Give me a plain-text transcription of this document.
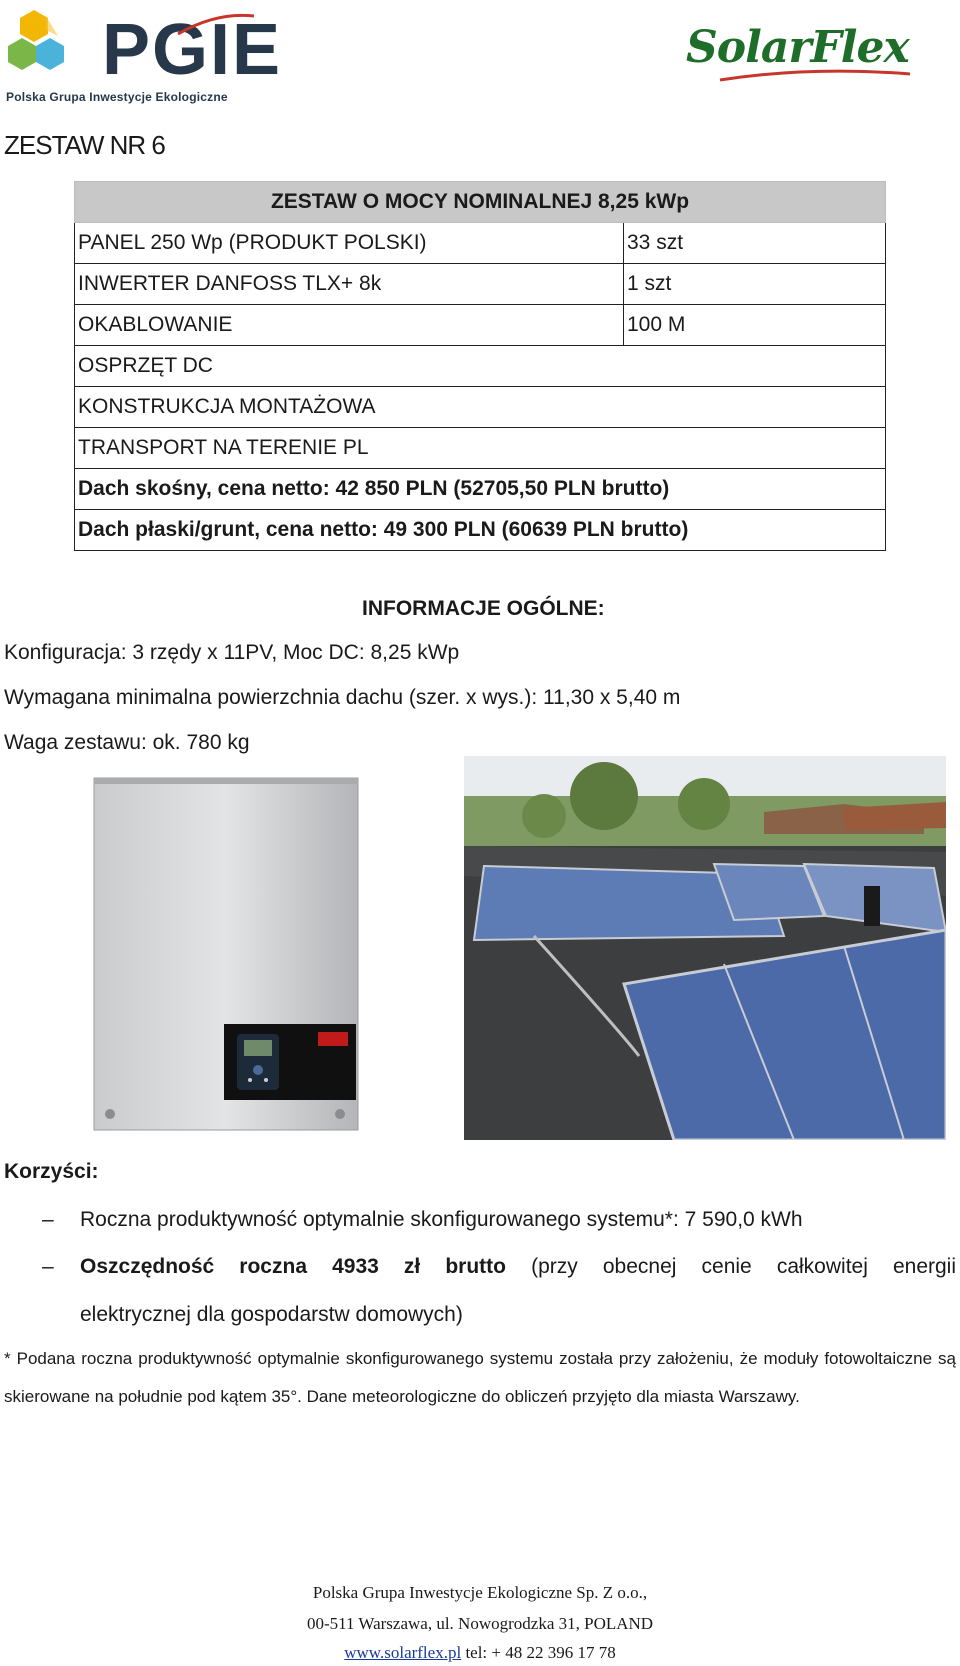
PGIE
Polska Grupa Inwestycje Ekologiczne
SolarFlex
ZESTAW NR 6
ZESTAW O MOCY NOMINALNEJ 8,25 kWp	
PANEL 250 Wp (PRODUKT POLSKI)	33 szt
INWERTER DANFOSS TLX+ 8k	1 szt
OKABLOWANIE	100 M
OSPRZĘT DC	
KONSTRUKCJA MONTAŻOWA	
TRANSPORT NA TERENIE PL	
Dach skośny, cena netto: 42 850 PLN (52705,50 PLN brutto)	
Dach płaski/grunt, cena netto: 49 300 PLN (60639 PLN brutto)	
INFORMACJE OGÓLNE:
Konfiguracja: 3 rzędy x 11PV, Moc DC: 8,25 kWp
Wymagana minimalna powierzchnia dachu (szer. x wys.): 11,30 x 5,40 m
Waga zestawu: ok. 780 kg
Korzyści:
– Roczna produktywność optymalnie skonfigurowanego systemu*: 7 590,0 kWh
– Oszczędność roczna 4933 zł brutto (przy obecnej cenie całkowitej energii
elektrycznej dla gospodarstw domowych)
* Podana roczna produktywność optymalnie skonfigurowanego systemu została przy założeniu, że moduły fotowoltaiczne są skierowane na południe pod kątem 35°. Dane meteorologiczne do obliczeń przyjęto dla miasta Warszawy.
Polska Grupa Inwestycje Ekologiczne Sp. Z o.o.,
00-511 Warszawa, ul. Nowogrodzka 31, POLAND
www.solarflex.pl tel: + 48 22 396 17 78
